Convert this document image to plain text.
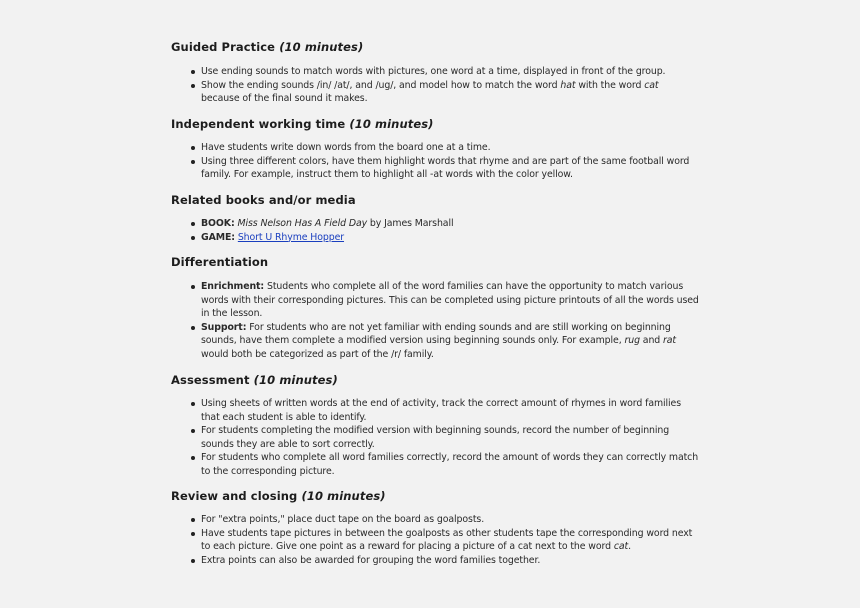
Guided Practice (10 minutes)
Use ending sounds to match words with pictures, one word at a time, displayed in front of the group.
Show the ending sounds /in/ /at/, and /ug/, and model how to match the word hat with the word cat
because of the final sound it makes.
Independent working time (10 minutes)
Have students write down words from the board one at a time.
Using three different colors, have them highlight words that rhyme and are part of the same football word family. For example, instruct them to highlight all -at words with the color yellow.
Related books and/or media
BOOK: Miss Nelson Has A Field Day by James Marshall
GAME: Short U Rhyme Hopper
Differentiation
Enrichment: Students who complete all of the word families can have the opportunity to match various words with their corresponding pictures. This can be completed using picture printouts of all the words used in the lesson.
Support: For students who are not yet familiar with ending sounds and are still working on beginning sounds, have them complete a modified version using beginning sounds only. For example, rug and rat would both be categorized as part of the /r/ family.
Assessment (10 minutes)
Using sheets of written words at the end of activity, track the correct amount of rhymes in word families that each student is able to identify.
For students completing the modified version with beginning sounds, record the number of beginning sounds they are able to sort correctly.
For students who complete all word families correctly, record the amount of words they can correctly match to the corresponding picture.
Review and closing (10 minutes)
For "extra points," place duct tape on the board as goalposts.
Have students tape pictures in between the goalposts as other students tape the corresponding word next to each picture. Give one point as a reward for placing a picture of a cat next to the word cat.
Extra points can also be awarded for grouping the word families together.
